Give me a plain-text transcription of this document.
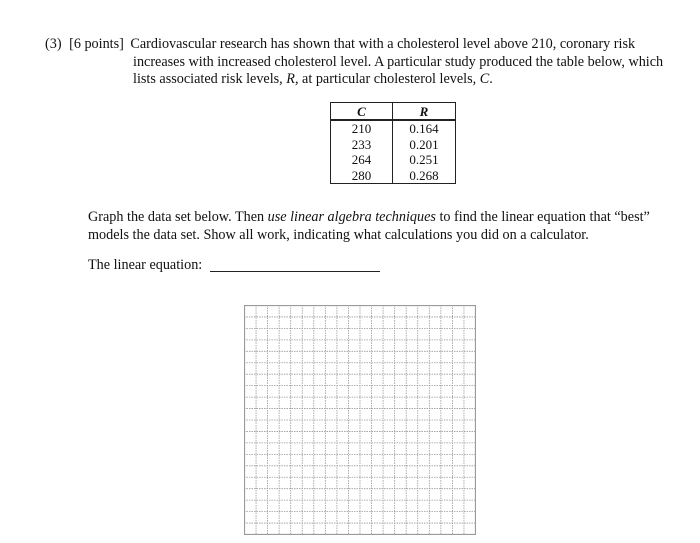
(3) [6 points] Cardiovascular research has shown that with a cholesterol level above 210, coronary risk
increases with increased cholesterol level. A particular study produced the table below, which
lists associated risk levels, R, at particular cholesterol levels, C.
C	R
210	0.164
233	0.201
264	0.251
280	0.268
Graph the data set below. Then use linear algebra techniques to find the linear equation that “best”
models the data set. Show all work, indicating what calculations you did on a calculator.
The linear equation:
